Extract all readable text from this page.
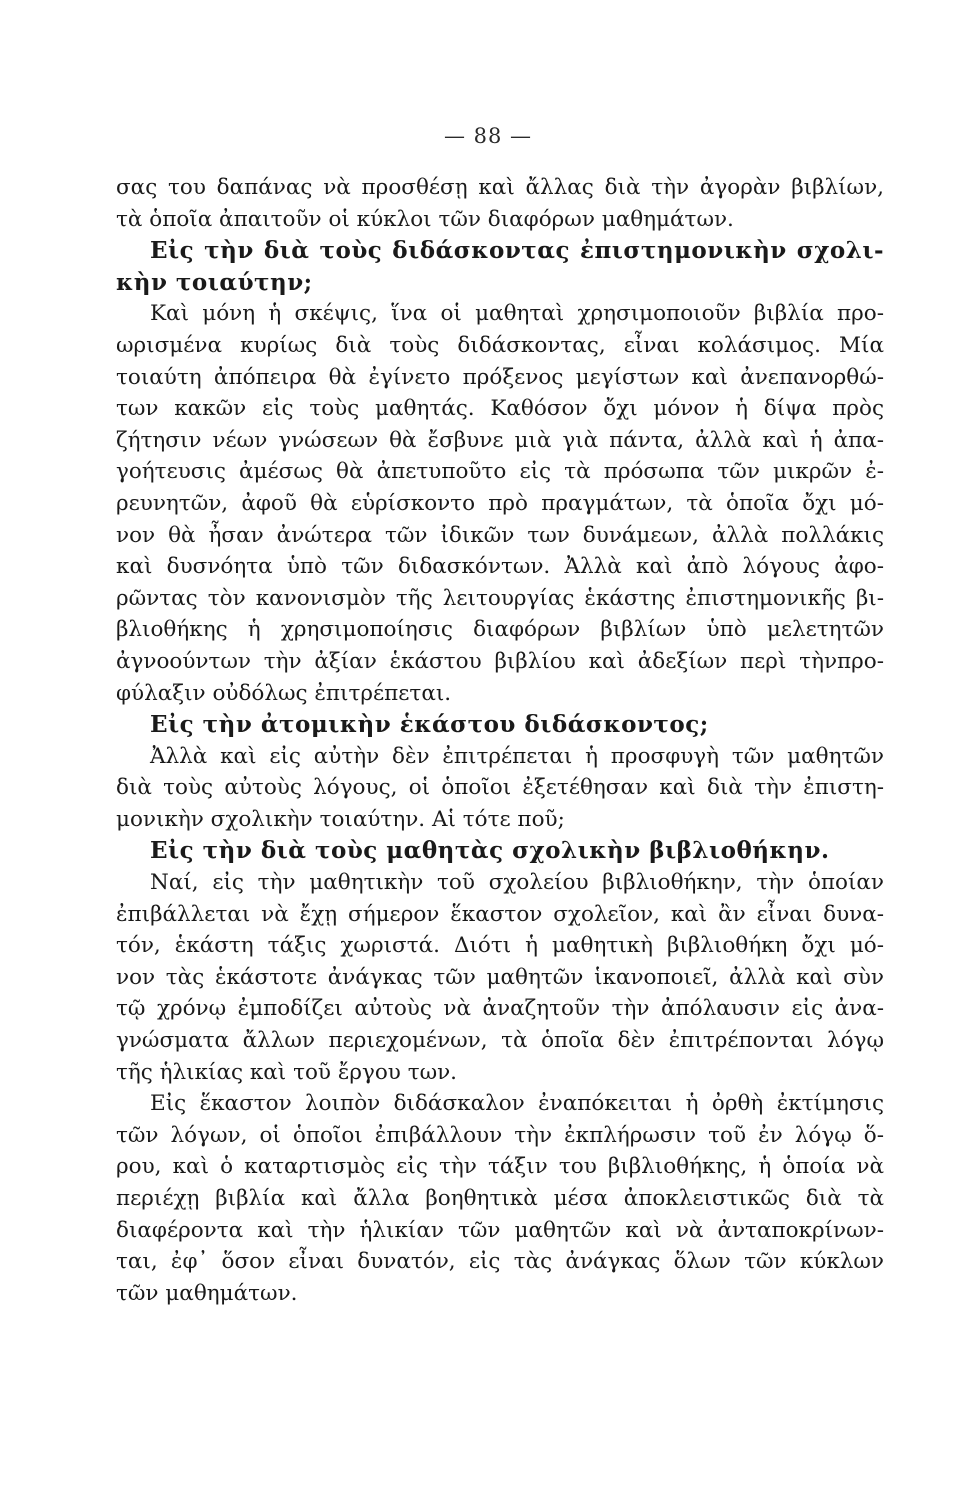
— 88 —
σας του δαπάνας νὰ προσθέσῃ καὶ ἄλλας διὰ τὴν ἀγορὰν βιβλίων,
τὰ ὁποῖα ἀπαιτοῦν οἱ κύκλοι τῶν διαφόρων μαθημάτων.
Εἰς τὴν διὰ τοὺς διδάσκοντας ἐπιστημονικὴν σχολι-
κὴν τοιαύτην;
Καὶ μόνη ἡ σκέψις, ἵνα οἱ μαθηταὶ χρησιμοποιοῦν βιβλία προ-
ωρισμένα κυρίως διὰ τοὺς διδάσκοντας, εἶναι κολάσιμος. Μία
τοιαύτη ἀπόπειρα θὰ ἐγίνετο πρόξενος μεγίστων καὶ ἀνεπανορθώ-
των κακῶν εἰς τοὺς μαθητάς. Καθόσον ὄχι μόνον ἡ δίψα πρὸς
ζήτησιν νέων γνώσεων θὰ ἔσβυνε μιὰ γιὰ πάντα, ἀλλὰ καὶ ἡ ἀπα-
γοήτευσις ἀμέσως θὰ ἀπετυποῦτο εἰς τὰ πρόσωπα τῶν μικρῶν ἐ-
ρευνητῶν, ἀφοῦ θὰ εὑρίσκοντο πρὸ πραγμάτων, τὰ ὁποῖα ὄχι μό-
νον θὰ ἦσαν ἀνώτερα τῶν ἰδικῶν των δυνάμεων, ἀλλὰ πολλάκις
καὶ δυσνόητα ὑπὸ τῶν διδασκόντων. Ἀλλὰ καὶ ἀπὸ λόγους ἀφο-
ρῶντας τὸν κανονισμὸν τῆς λειτουργίας ἑκάστης ἐπιστημονικῆς βι-
βλιοθήκης ἡ χρησιμοποίησις διαφόρων βιβλίων ὑπὸ μελετητῶν
ἀγνοούντων τὴν ἀξίαν ἑκάστου βιβλίου καὶ ἀδεξίων περὶ τὴνπρο-
φύλαξιν οὐδόλως ἐπιτρέπεται.
Εἰς τὴν ἀτομικὴν ἑκάστου διδάσκοντος;
Ἀλλὰ καὶ εἰς αὐτὴν δὲν ἐπιτρέπεται ἡ προσφυγὴ τῶν μαθητῶν
διὰ τοὺς αὐτοὺς λόγους, οἱ ὁποῖοι ἐξετέθησαν καὶ διὰ τὴν ἐπιστη-
μονικὴν σχολικὴν τοιαύτην. Αἱ τότε ποῦ;
Εἰς τὴν διὰ τοὺς μαθητὰς σχολικὴν βιβλιοθήκην.
Ναί, εἰς τὴν μαθητικὴν τοῦ σχολείου βιβλιοθήκην, τὴν ὁποίαν
ἐπιβάλλεται νὰ ἔχῃ σήμερον ἕκαστον σχολεῖον, καὶ ἂν εἶναι δυνα-
τόν, ἑκάστη τάξις χωριστά. Διότι ἡ μαθητικὴ βιβλιοθήκη ὄχι μό-
νον τὰς ἑκάστοτε ἀνάγκας τῶν μαθητῶν ἱκανοποιεῖ, ἀλλὰ καὶ σὺν
τῷ χρόνῳ ἐμποδίζει αὐτοὺς νὰ ἀναζητοῦν τὴν ἀπόλαυσιν εἰς ἀνα-
γνώσματα ἄλλων περιεχομένων, τὰ ὁποῖα δὲν ἐπιτρέπονται λόγῳ
τῆς ἡλικίας καὶ τοῦ ἔργου των.
Εἰς ἕκαστον λοιπὸν διδάσκαλον ἐναπόκειται ἡ ὀρθὴ ἐκτίμησις
τῶν λόγων, οἱ ὁποῖοι ἐπιβάλλουν τὴν ἐκπλήρωσιν τοῦ ἐν λόγῳ ὅ-
ρου, καὶ ὁ καταρτισμὸς εἰς τὴν τάξιν του βιβλιοθήκης, ἡ ὁποία νὰ
περιέχῃ βιβλία καὶ ἄλλα βοηθητικὰ μέσα ἀποκλειστικῶς διὰ τὰ
διαφέροντα καὶ τὴν ἡλικίαν τῶν μαθητῶν καὶ νὰ ἀνταποκρίνων-
ται, ἐφ᾽ ὅσον εἶναι δυνατόν, εἰς τὰς ἀνάγκας ὅλων τῶν κύκλων
τῶν μαθημάτων.
